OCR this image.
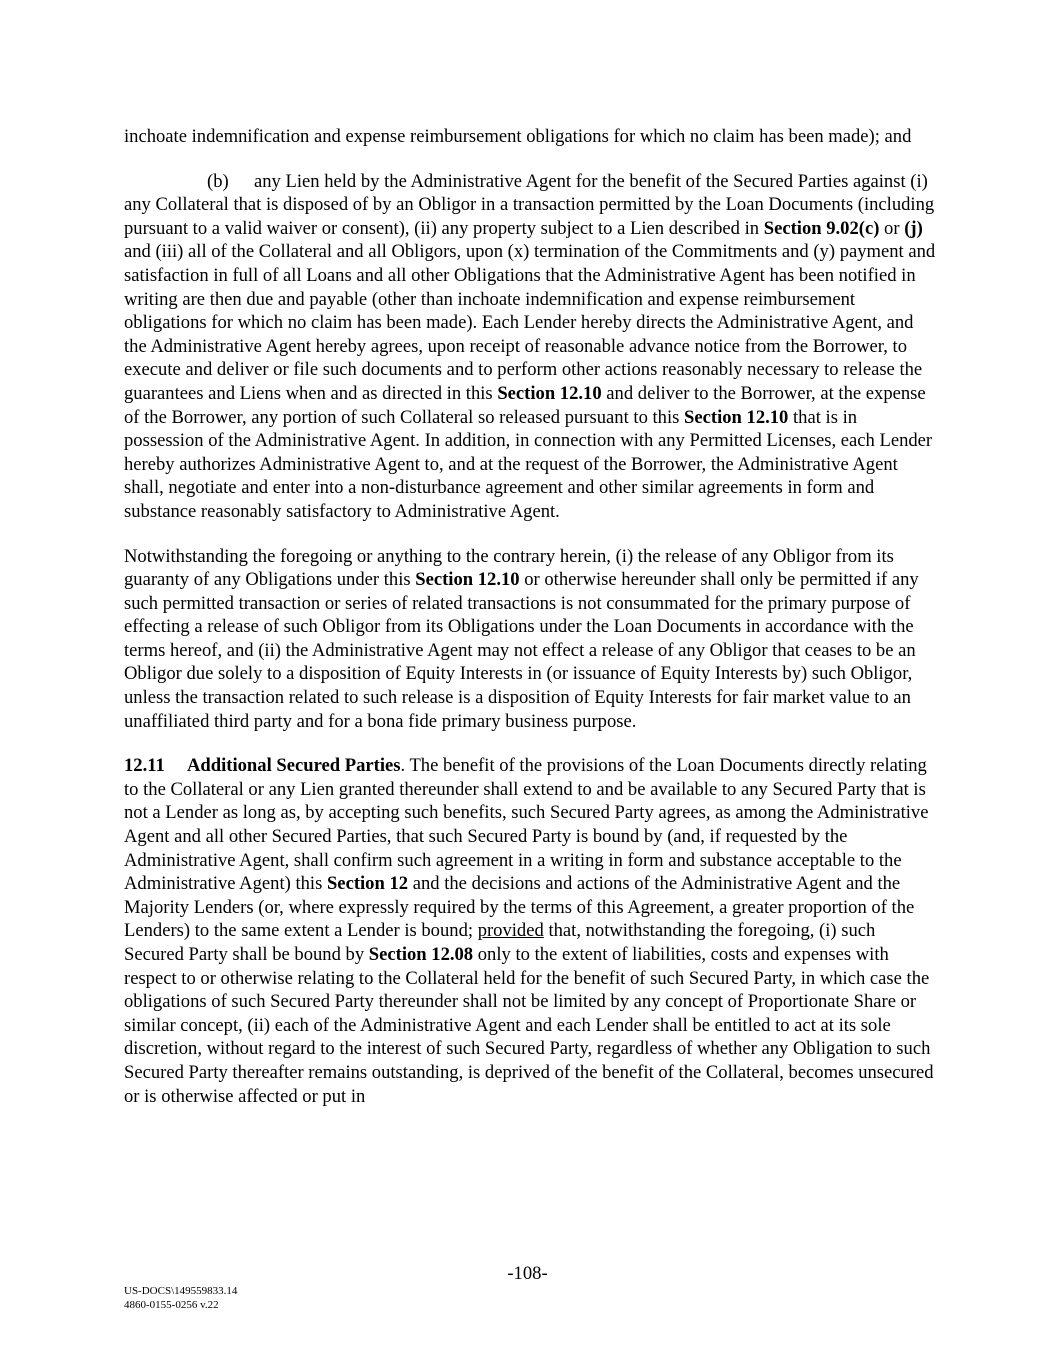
inchoate indemnification and expense reimbursement obligations for which no claim has been made); and

(b) any Lien held by the Administrative Agent for the benefit of the Secured Parties against (i) any Collateral that is disposed of by an Obligor in a transaction permitted by the Loan Documents (including pursuant to a valid waiver or consent), (ii) any property subject to a Lien described in Section 9.02(c) or (j) and (iii) all of the Collateral and all Obligors, upon (x) termination of the Commitments and (y) payment and satisfaction in full of all Loans and all other Obligations that the Administrative Agent has been notified in writing are then due and payable (other than inchoate indemnification and expense reimbursement obligations for which no claim has been made). Each Lender hereby directs the Administrative Agent, and the Administrative Agent hereby agrees, upon receipt of reasonable advance notice from the Borrower, to execute and deliver or file such documents and to perform other actions reasonably necessary to release the guarantees and Liens when and as directed in this Section 12.10 and deliver to the Borrower, at the expense of the Borrower, any portion of such Collateral so released pursuant to this Section 12.10 that is in possession of the Administrative Agent. In addition, in connection with any Permitted Licenses, each Lender hereby authorizes Administrative Agent to, and at the request of the Borrower, the Administrative Agent shall, negotiate and enter into a non-disturbance agreement and other similar agreements in form and substance reasonably satisfactory to Administrative Agent.

Notwithstanding the foregoing or anything to the contrary herein, (i) the release of any Obligor from its guaranty of any Obligations under this Section 12.10 or otherwise hereunder shall only be permitted if any such permitted transaction or series of related transactions is not consummated for the primary purpose of effecting a release of such Obligor from its Obligations under the Loan Documents in accordance with the terms hereof, and (ii) the Administrative Agent may not effect a release of any Obligor that ceases to be an Obligor due solely to a disposition of Equity Interests in (or issuance of Equity Interests by) such Obligor, unless the transaction related to such release is a disposition of Equity Interests for fair market value to an unaffiliated third party and for a bona fide primary business purpose.

12.11 Additional Secured Parties. The benefit of the provisions of the Loan Documents directly relating to the Collateral or any Lien granted thereunder shall extend to and be available to any Secured Party that is not a Lender as long as, by accepting such benefits, such Secured Party agrees, as among the Administrative Agent and all other Secured Parties, that such Secured Party is bound by (and, if requested by the Administrative Agent, shall confirm such agreement in a writing in form and substance acceptable to the Administrative Agent) this Section 12 and the decisions and actions of the Administrative Agent and the Majority Lenders (or, where expressly required by the terms of this Agreement, a greater proportion of the Lenders) to the same extent a Lender is bound; provided that, notwithstanding the foregoing, (i) such Secured Party shall be bound by Section 12.08 only to the extent of liabilities, costs and expenses with respect to or otherwise relating to the Collateral held for the benefit of such Secured Party, in which case the obligations of such Secured Party thereunder shall not be limited by any concept of Proportionate Share or similar concept, (ii) each of the Administrative Agent and each Lender shall be entitled to act at its sole discretion, without regard to the interest of such Secured Party, regardless of whether any Obligation to such Secured Party thereafter remains outstanding, is deprived of the benefit of the Collateral, becomes unsecured or is otherwise affected or put in

-108-
US-DOCS\149559833.14
4860-0155-0256 v.22
